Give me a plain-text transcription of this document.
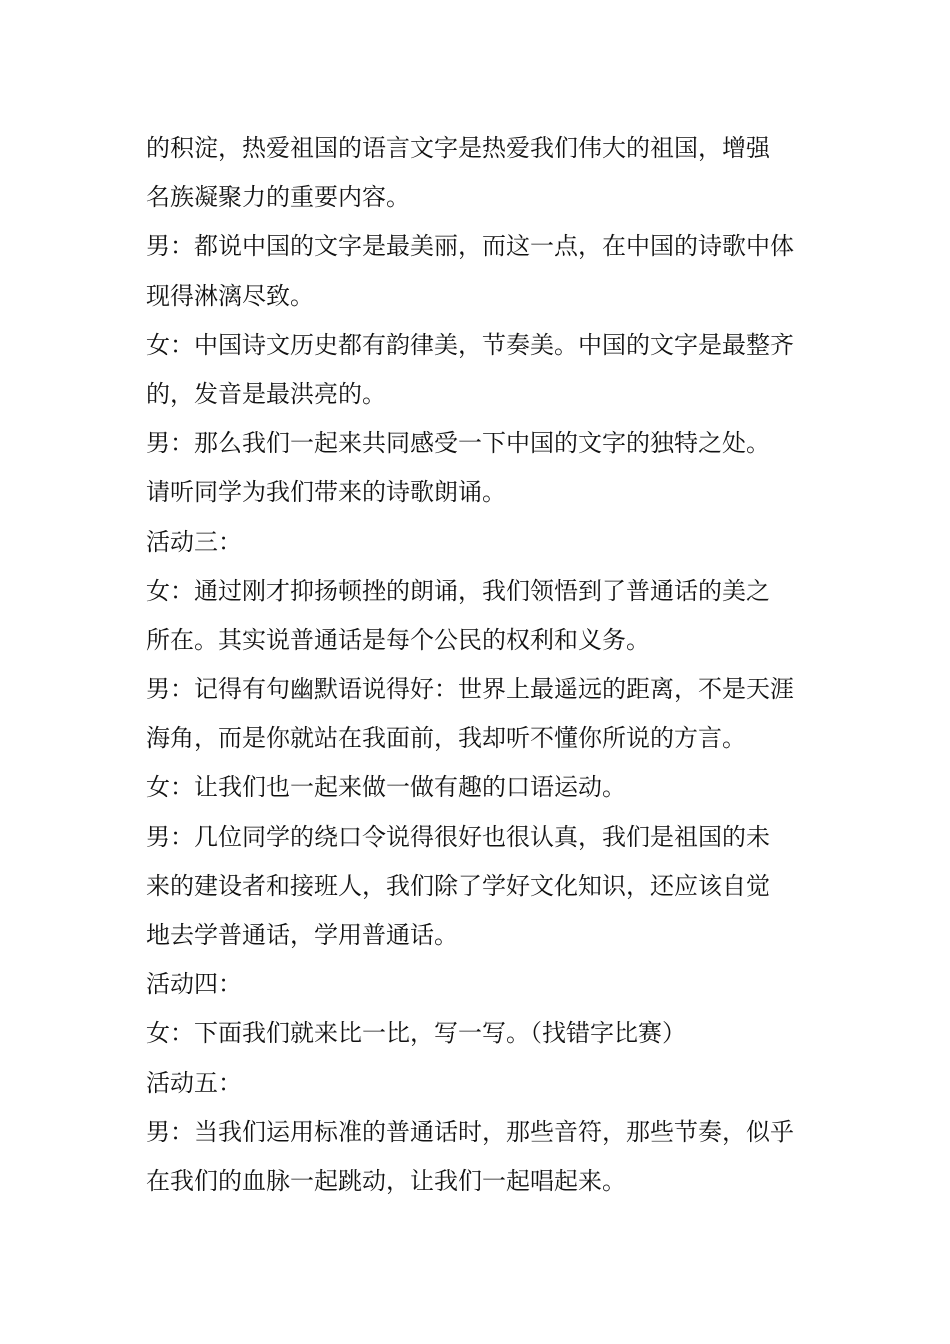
的积淀，热爱祖国的语言文字是热爱我们伟大的祖国，增强
名族凝聚力的重要内容。
男：都说中国的文字是最美丽，而这一点，在中国的诗歌中体
现得淋漓尽致。
女：中国诗文历史都有韵律美，节奏美。中国的文字是最整齐
的，发音是最洪亮的。
男：那么我们一起来共同感受一下中国的文字的独特之处。
请听同学为我们带来的诗歌朗诵。
活动三：
女：通过刚才抑扬顿挫的朗诵，我们领悟到了普通话的美之
所在。其实说普通话是每个公民的权利和义务。
男：记得有句幽默语说得好：世界上最遥远的距离，不是天涯
海角，而是你就站在我面前，我却听不懂你所说的方言。
女：让我们也一起来做一做有趣的口语运动。
男：几位同学的绕口令说得很好也很认真，我们是祖国的未
来的建设者和接班人，我们除了学好文化知识，还应该自觉
地去学普通话，学用普通话。
活动四：
女：下面我们就来比一比，写一写。（找错字比赛）
活动五：
男：当我们运用标准的普通话时，那些音符，那些节奏，似乎
在我们的血脉一起跳动，让我们一起唱起来。
